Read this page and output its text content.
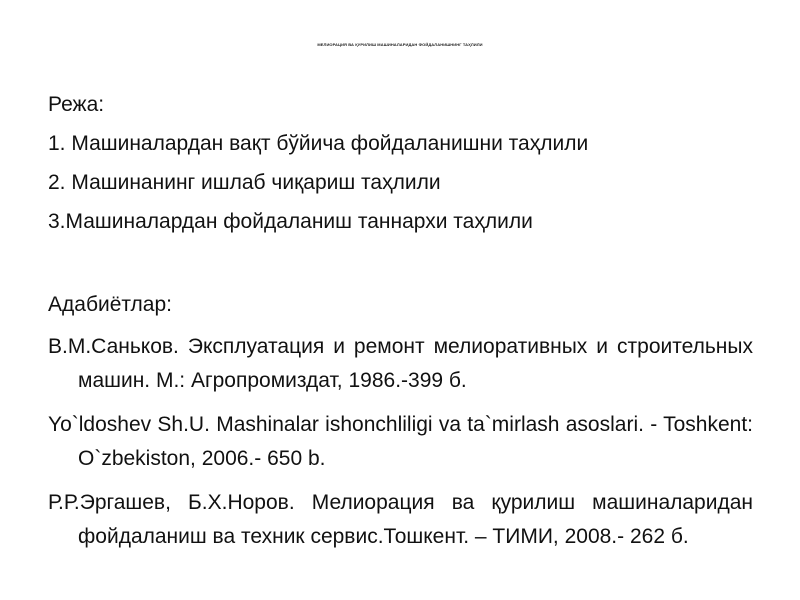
МЕЛИОРАЦИЯ ВА ҚУРИЛИШ МАШИНАЛАРИДАН ФОЙДАЛАНИШНИНГ ТАҲЛИЛИ

Режа:

1. Машиналардан вақт бўйича фойдаланишни таҳлили

2. Машинанинг ишлаб чиқариш таҳлили

3.Машиналардан фойдаланиш таннархи таҳлили

Адабиётлар:

В.М.Саньков. Эксплуатация и ремонт мелиоративных и строительных машин. М.: Агропромиздат, 1986.-399 б.

Yo`ldoshev Sh.U. Mashinalar ishonchliligi va ta`mirlash asoslari. - Toshkent: O`zbekiston, 2006.- 650 b.

Р.Р.Эргашев, Б.Х.Норов. Мелиорация ва қурилиш машиналаридан фойдаланиш ва техник сервис.Тошкент. – ТИМИ, 2008.- 262 б.
